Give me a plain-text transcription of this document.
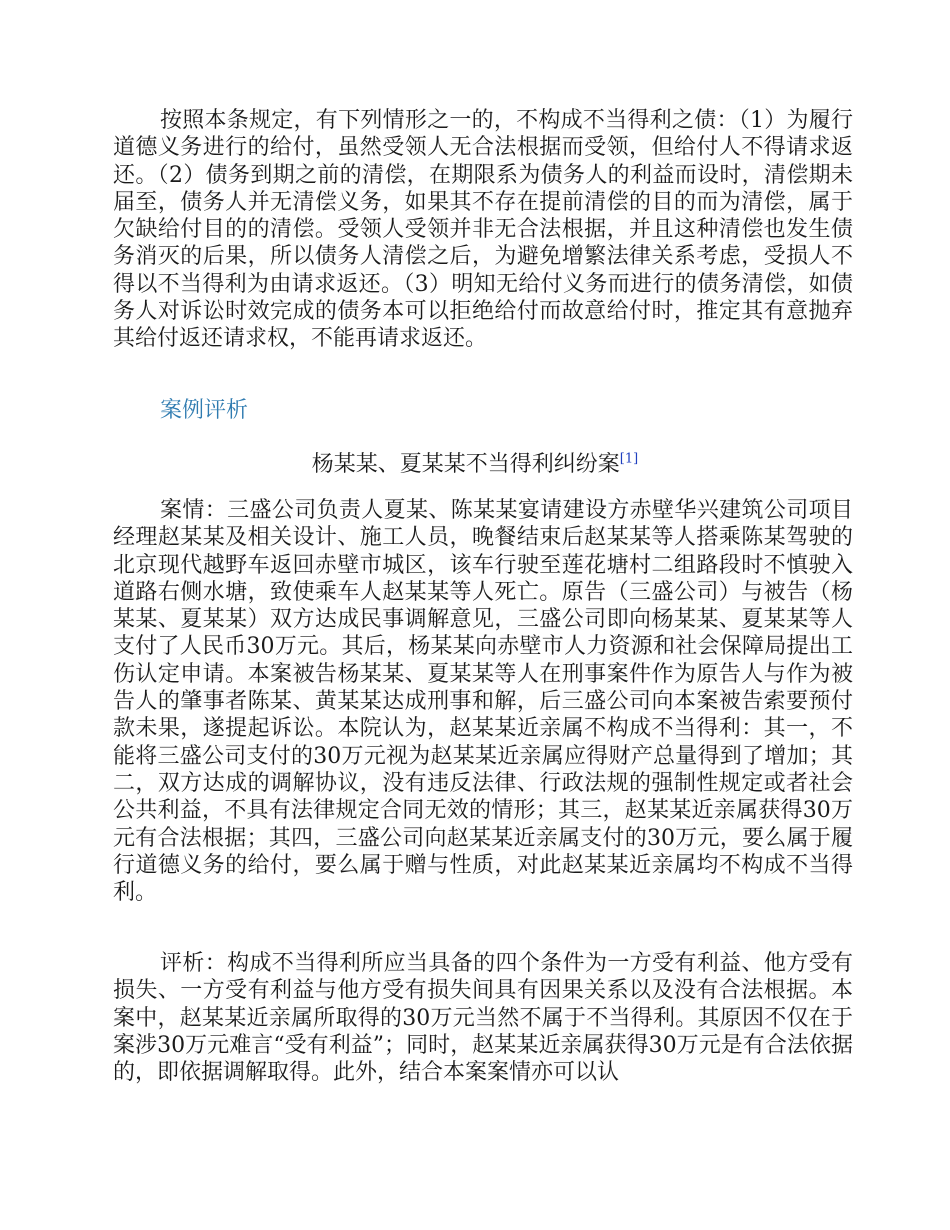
按照本条规定，有下列情形之一的，不构成不当得利之债：（1）为履行道德义务进行的给付，虽然受领人无合法根据而受领，但给付人不得请求返还。（2）债务到期之前的清偿，在期限系为债务人的利益而设时，清偿期未届至，债务人并无清偿义务，如果其不存在提前清偿的目的而为清偿，属于欠缺给付目的的清偿。受领人受领并非无合法根据，并且这种清偿也发生债务消灭的后果，所以债务人清偿之后，为避免增繁法律关系考虑，受损人不得以不当得利为由请求返还。（3）明知无给付义务而进行的债务清偿，如债务人对诉讼时效完成的债务本可以拒绝给付而故意给付时，推定其有意抛弃其给付返还请求权，不能再请求返还。

案例评析

杨某某、夏某某不当得利纠纷案[1]

案情：三盛公司负责人夏某、陈某某宴请建设方赤壁华兴建筑公司项目经理赵某某及相关设计、施工人员，晚餐结束后赵某某等人搭乘陈某驾驶的北京现代越野车返回赤壁市城区，该车行驶至莲花塘村二组路段时不慎驶入道路右侧水塘，致使乘车人赵某某等人死亡。原告（三盛公司）与被告（杨某某、夏某某）双方达成民事调解意见，三盛公司即向杨某某、夏某某等人支付了人民币30万元。其后，杨某某向赤壁市人力资源和社会保障局提出工伤认定申请。本案被告杨某某、夏某某等人在刑事案件作为原告人与作为被告人的肇事者陈某、黄某某达成刑事和解，后三盛公司向本案被告索要预付款未果，遂提起诉讼。本院认为，赵某某近亲属不构成不当得利：其一，不能将三盛公司支付的30万元视为赵某某近亲属应得财产总量得到了增加；其二，双方达成的调解协议，没有违反法律、行政法规的强制性规定或者社会公共利益，不具有法律规定合同无效的情形；其三，赵某某近亲属获得30万元有合法根据；其四，三盛公司向赵某某近亲属支付的30万元，要么属于履行道德义务的给付，要么属于赠与性质，对此赵某某近亲属均不构成不当得利。

评析：构成不当得利所应当具备的四个条件为一方受有利益、他方受有损失、一方受有利益与他方受有损失间具有因果关系以及没有合法根据。本案中，赵某某近亲属所取得的30万元当然不属于不当得利。其原因不仅在于案涉30万元难言“受有利益”；同时，赵某某近亲属获得30万元是有合法依据的，即依据调解取得。此外，结合本案案情亦可以认
